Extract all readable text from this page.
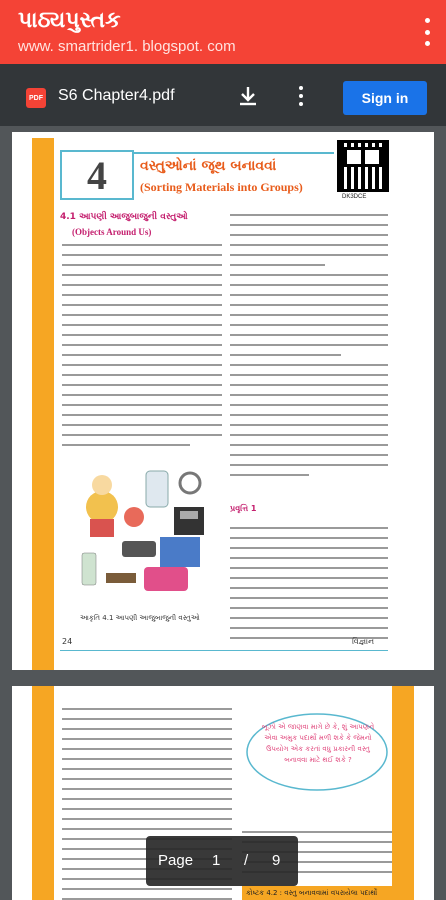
પાઠ્યપુસ્તક
www. smartrider1. blogspot. com
PDF S6 Chapter4.pdf	Sign in
4	વસ્તુઓનાં જૂથ બનાવવાં
(Sorting Materials into Groups)
DK3DCE
4.1 આપણી આજુબાજુની વસ્તુઓ
(Objects Around Us)
પ્રવૃત્તિ 1
આકૃતિ 4.1 આપણી આજુબાજુની વસ્તુઓ
24	વિજ્ઞાન
બૂઝો એ જાણવા માગે છે કે, શું આપણને એવા અમુક પદાર્થો મળી શકે કે જેમનો ઉપયોગ એક કરતાં વધુ પ્રકારની વસ્તુ બનાવવા માટે થઈ શકે ?
કોષ્ટક 4.2 : વસ્તુ બનાવવામાં વપરાયેલા પદાર્થો
Page 1 / 9
